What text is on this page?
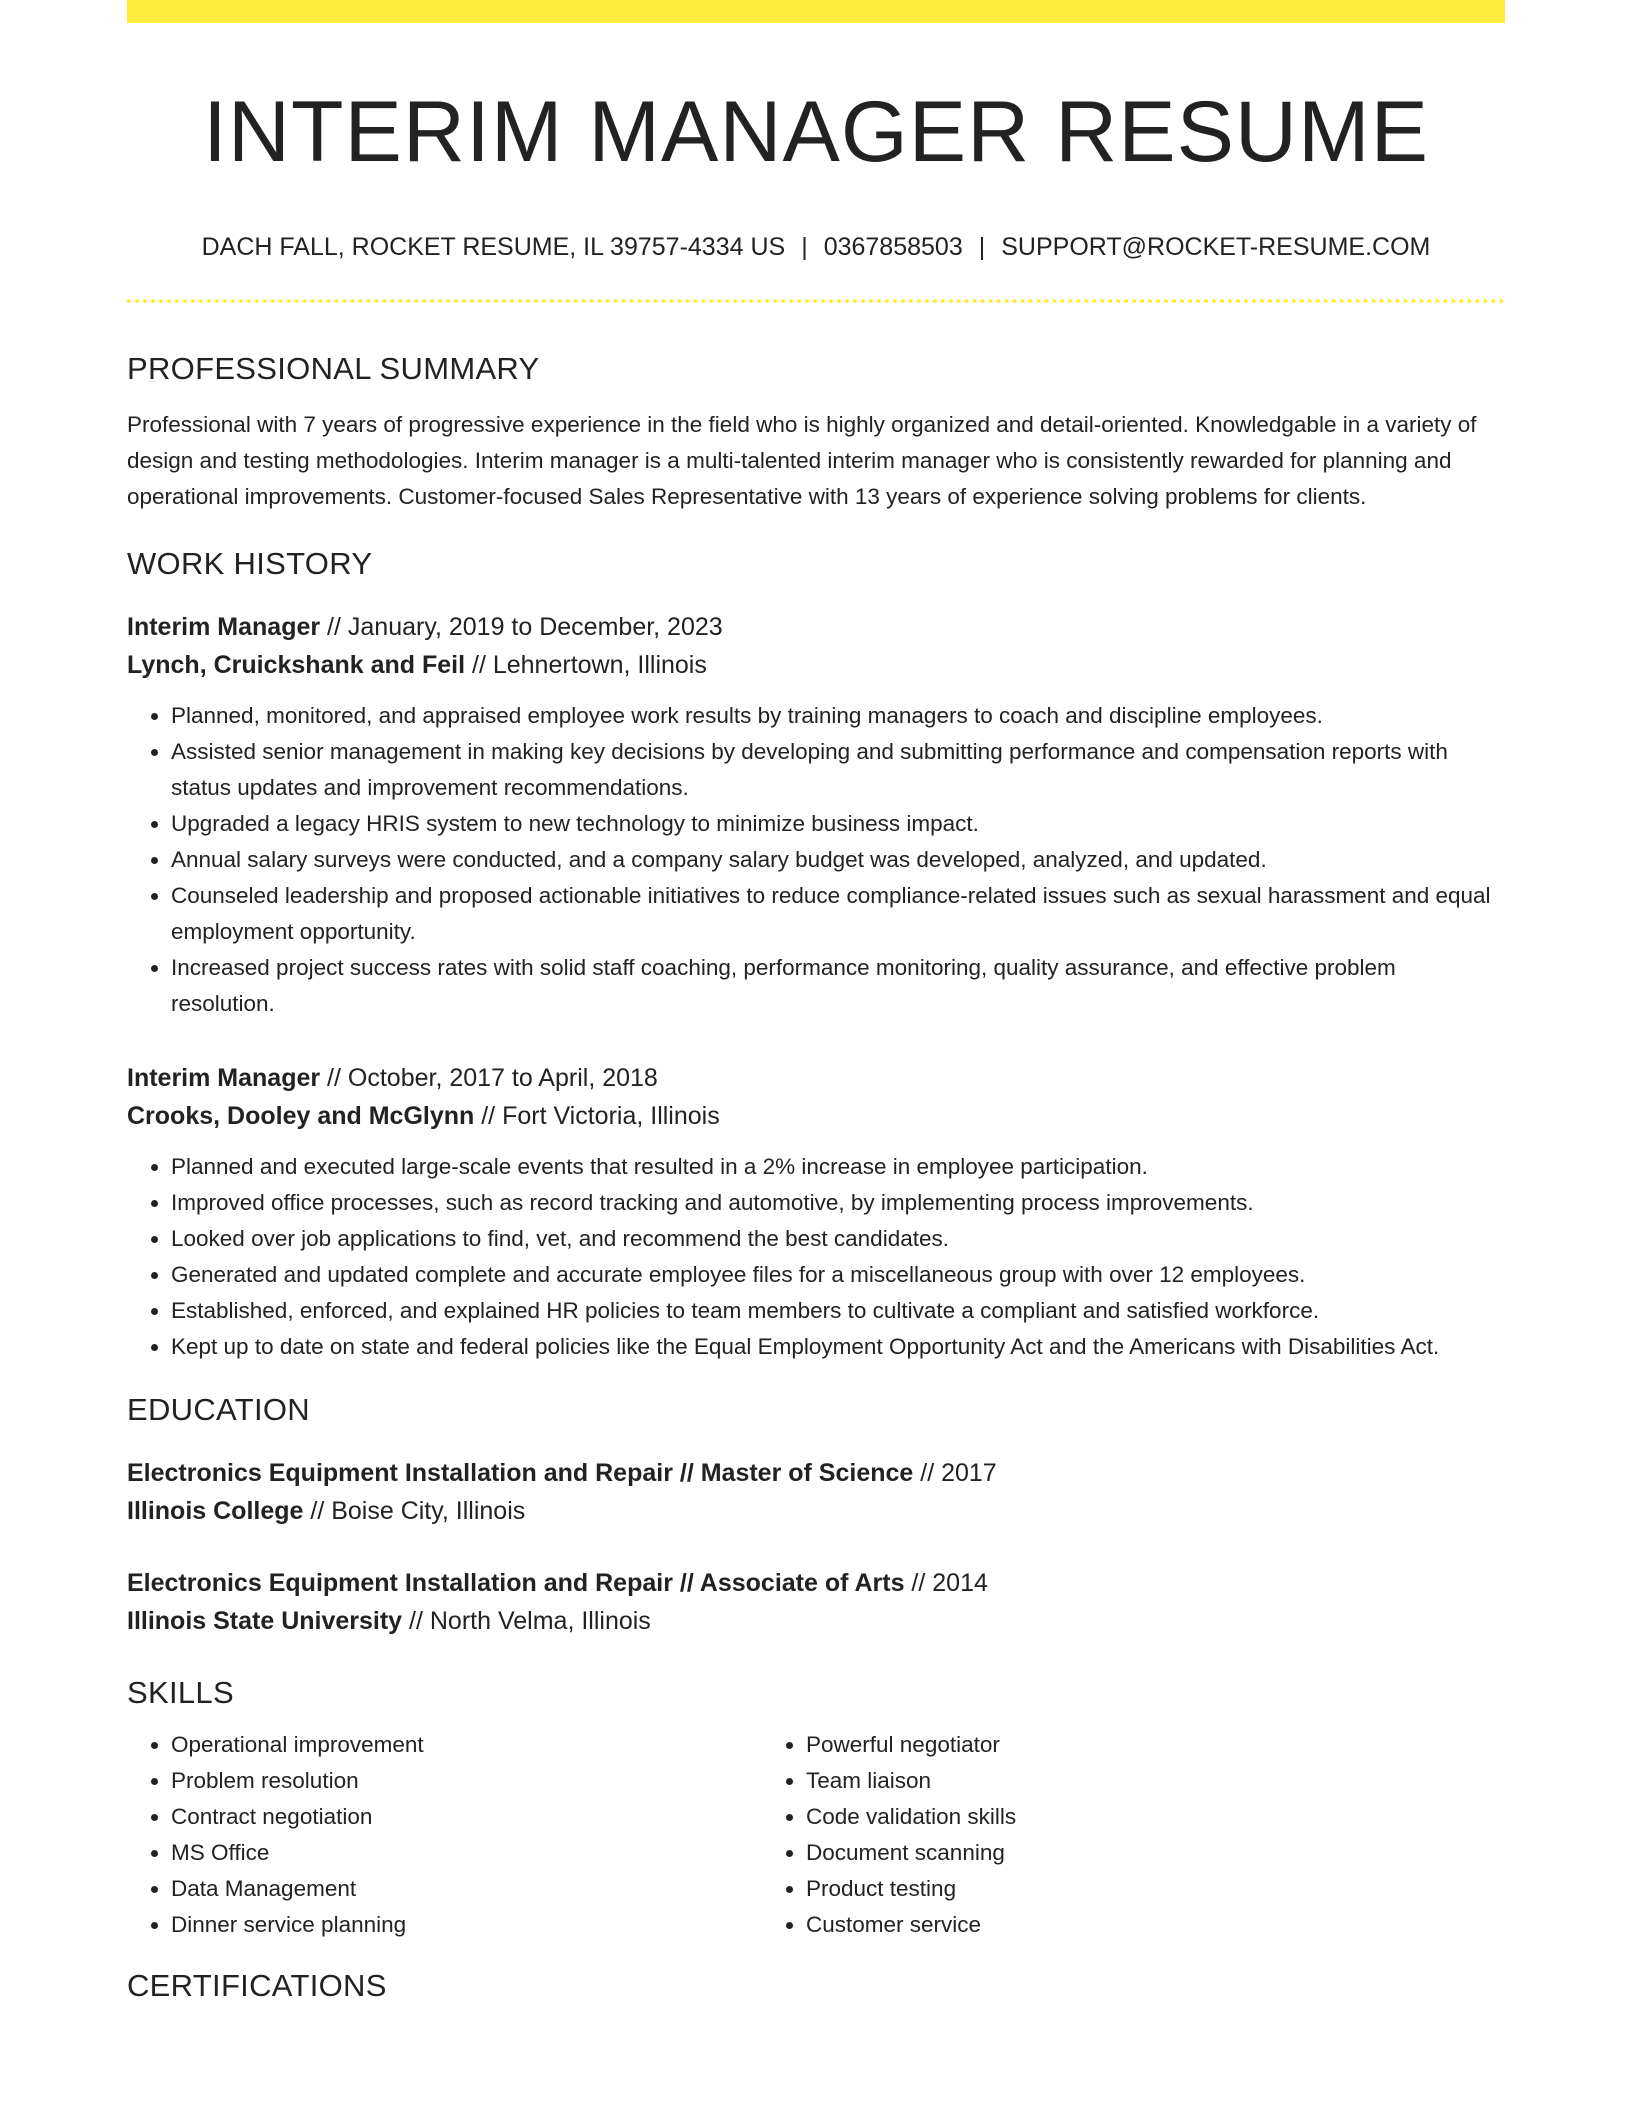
INTERIM MANAGER RESUME
DACH FALL, ROCKET RESUME, IL 39757-4334 US | 0367858503 | SUPPORT@ROCKET-RESUME.COM
PROFESSIONAL SUMMARY
Professional with 7 years of progressive experience in the field who is highly organized and detail-oriented. Knowledgable in a variety of design and testing methodologies. Interim manager is a multi-talented interim manager who is consistently rewarded for planning and operational improvements. Customer-focused Sales Representative with 13 years of experience solving problems for clients.
WORK HISTORY
Interim Manager // January, 2019 to December, 2023
Lynch, Cruickshank and Feil // Lehnertown, Illinois
• Planned, monitored, and appraised employee work results by training managers to coach and discipline employees.
• Assisted senior management in making key decisions by developing and submitting performance and compensation reports with status updates and improvement recommendations.
• Upgraded a legacy HRIS system to new technology to minimize business impact.
• Annual salary surveys were conducted, and a company salary budget was developed, analyzed, and updated.
• Counseled leadership and proposed actionable initiatives to reduce compliance-related issues such as sexual harassment and equal employment opportunity.
• Increased project success rates with solid staff coaching, performance monitoring, quality assurance, and effective problem resolution.
Interim Manager // October, 2017 to April, 2018
Crooks, Dooley and McGlynn // Fort Victoria, Illinois
• Planned and executed large-scale events that resulted in a 2% increase in employee participation.
• Improved office processes, such as record tracking and automotive, by implementing process improvements.
• Looked over job applications to find, vet, and recommend the best candidates.
• Generated and updated complete and accurate employee files for a miscellaneous group with over 12 employees.
• Established, enforced, and explained HR policies to team members to cultivate a compliant and satisfied workforce.
• Kept up to date on state and federal policies like the Equal Employment Opportunity Act and the Americans with Disabilities Act.
EDUCATION
Electronics Equipment Installation and Repair // Master of Science // 2017
Illinois College // Boise City, Illinois
Electronics Equipment Installation and Repair // Associate of Arts // 2014
Illinois State University // North Velma, Illinois
SKILLS
• Operational improvement
• Problem resolution
• Contract negotiation
• MS Office
• Data Management
• Dinner service planning
• Powerful negotiator
• Team liaison
• Code validation skills
• Document scanning
• Product testing
• Customer service
CERTIFICATIONS
